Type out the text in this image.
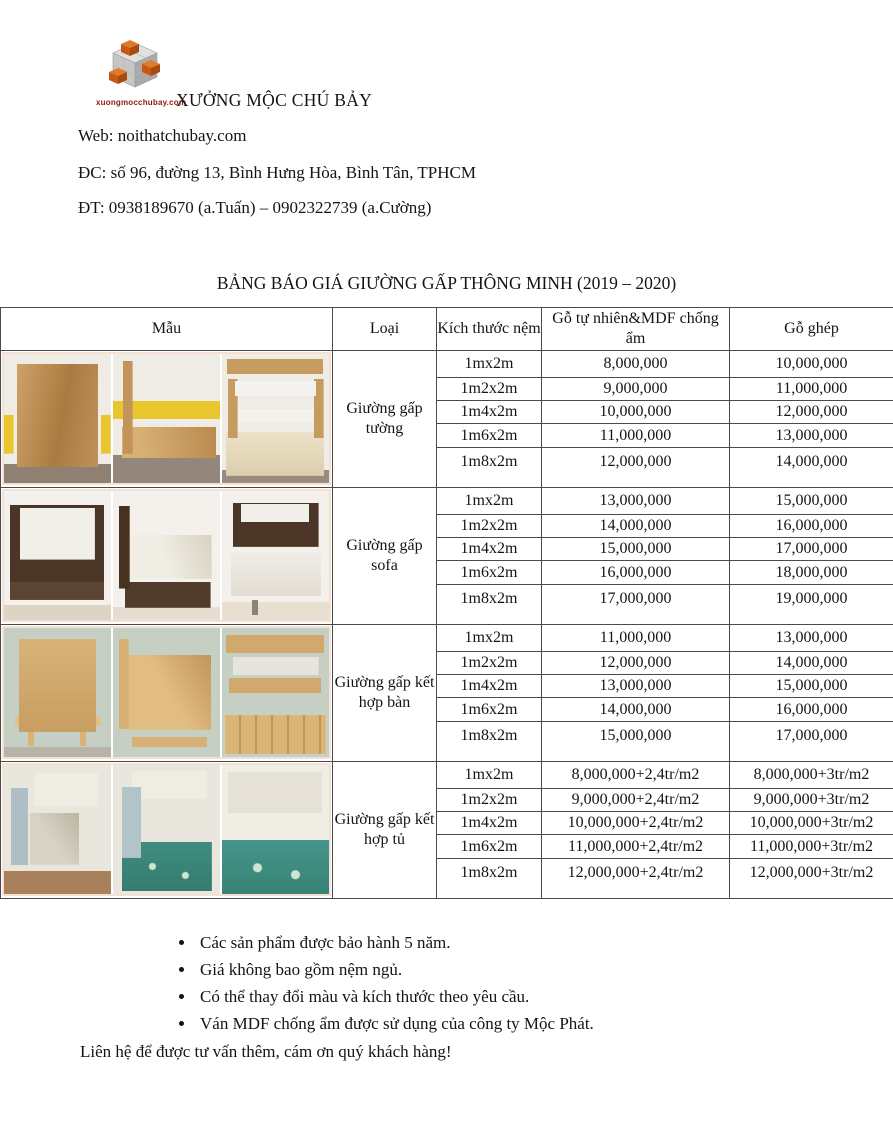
xuongmocchubay.com
XƯỞNG MỘC CHÚ BẢY
Web: noithatchubay.com
ĐC: số 96, đường 13, Bình Hưng Hòa, Bình Tân, TPHCM
ĐT: 0938189670 (a.Tuấn) – 0902322739 (a.Cường)
BẢNG BÁO GIÁ GIƯỜNG GẤP THÔNG MINH (2019 – 2020)
Mẫu	Loại	Kích thước nệm	Gỗ tự nhiên&MDF chống ẩm	Gỗ ghép

	Giường gấp tường	1mx2m	8,000,000	10,000,000
		1m2x2m	9,000,000	11,000,000
		1m4x2m	10,000,000	12,000,000
		1m6x2m	11,000,000	13,000,000
		1m8x2m	12,000,000	14,000,000

	Giường gấp sofa	1mx2m	13,000,000	15,000,000
		1m2x2m	14,000,000	16,000,000
		1m4x2m	15,000,000	17,000,000
		1m6x2m	16,000,000	18,000,000
		1m8x2m	17,000,000	19,000,000

	Giường gấp kết hợp bàn	1mx2m	11,000,000	13,000,000
		1m2x2m	12,000,000	14,000,000
		1m4x2m	13,000,000	15,000,000
		1m6x2m	14,000,000	16,000,000
		1m8x2m	15,000,000	17,000,000

	Giường gấp kết hợp tủ	1mx2m	8,000,000+2,4tr/m2	8,000,000+3tr/m2
		1m2x2m	9,000,000+2,4tr/m2	9,000,000+3tr/m2
		1m4x2m	10,000,000+2,4tr/m2	10,000,000+3tr/m2
		1m6x2m	11,000,000+2,4tr/m2	11,000,000+3tr/m2
		1m8x2m	12,000,000+2,4tr/m2	12,000,000+3tr/m2
• Các sản phẩm được bảo hành 5 năm.
• Giá không bao gồm nệm ngủ.
• Có thể thay đổi màu và kích thước theo yêu cầu.
• Ván MDF chống ẩm được sử dụng của công ty Mộc Phát.
Liên hệ để được tư vấn thêm, cám ơn quý khách hàng!
